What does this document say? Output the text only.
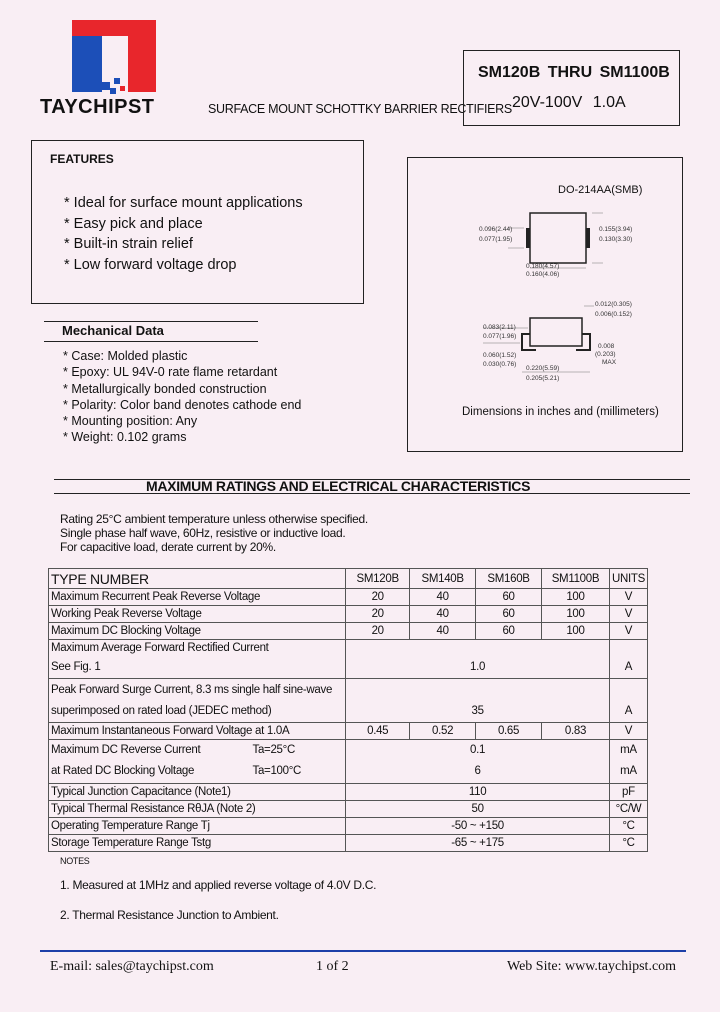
TAYCHIPST	SURFACE MOUNT SCHOTTKY BARRIER RECTIFIERS
SM120B THRU SM1100B
20V-100V 1.0A
FEATURES
* Ideal for surface mount applications
* Easy pick and place
* Built-in strain relief
* Low forward voltage drop
Mechanical Data
* Case: Molded plastic
* Epoxy: UL 94V-0 rate flame retardant
* Metallurgically bonded construction
* Polarity: Color band denotes cathode end
* Mounting position: Any
* Weight: 0.102 grams
DO-214AA(SMB)
0.096(2.44)
0.077(1.95)
0.155(3.94)
0.130(3.30)
0.180(4.57)
0.160(4.06)
0.083(2.11)
0.077(1.96)
0.060(1.52)
0.030(0.76)
0.012(0.305)
0.006(0.152)
0.008
(0.203)
MAX
0.220(5.59)
0.205(5.21)
Dimensions in inches and (millimeters)
MAXIMUM RATINGS AND ELECTRICAL CHARACTERISTICS
Rating 25°C ambient temperature unless otherwise specified.
Single phase half wave, 60Hz, resistive or inductive load.
For capacitive load, derate current by 20%.
TYPE NUMBER	SM120B	SM140B	SM160B	SM1100B	UNITS
Maximum Recurrent Peak Reverse Voltage	20	40	60	100	V
Working Peak Reverse Voltage	20	40	60	100	V
Maximum DC Blocking Voltage	20	40	60	100	V
Maximum Average Forward Rectified Current					
See Fig. 1	1.0				A
Peak Forward Surge Current, 8.3 ms single half sine-wave					
superimposed on rated load (JEDEC method)	35				A
Maximum Instantaneous Forward Voltage at 1.0A	0.45	0.52	0.65	0.83	V
Maximum DC Reverse Current Ta=25°C	0.1				mA
at Rated DC Blocking Voltage Ta=100°C	6				mA
Typical Junction Capacitance (Note1)	110				pF
Typical Thermal Resistance RθJA (Note 2)	50				°C/W
Operating Temperature Range Tj	-50 ~ +150				°C
Storage Temperature Range Tstg	-65 ~ +175				°C
NOTES
1. Measured at 1MHz and applied reverse voltage of 4.0V D.C.
2. Thermal Resistance Junction to Ambient.
E-mail: sales@taychipst.com	1 of 2	Web Site: www.taychipst.com
